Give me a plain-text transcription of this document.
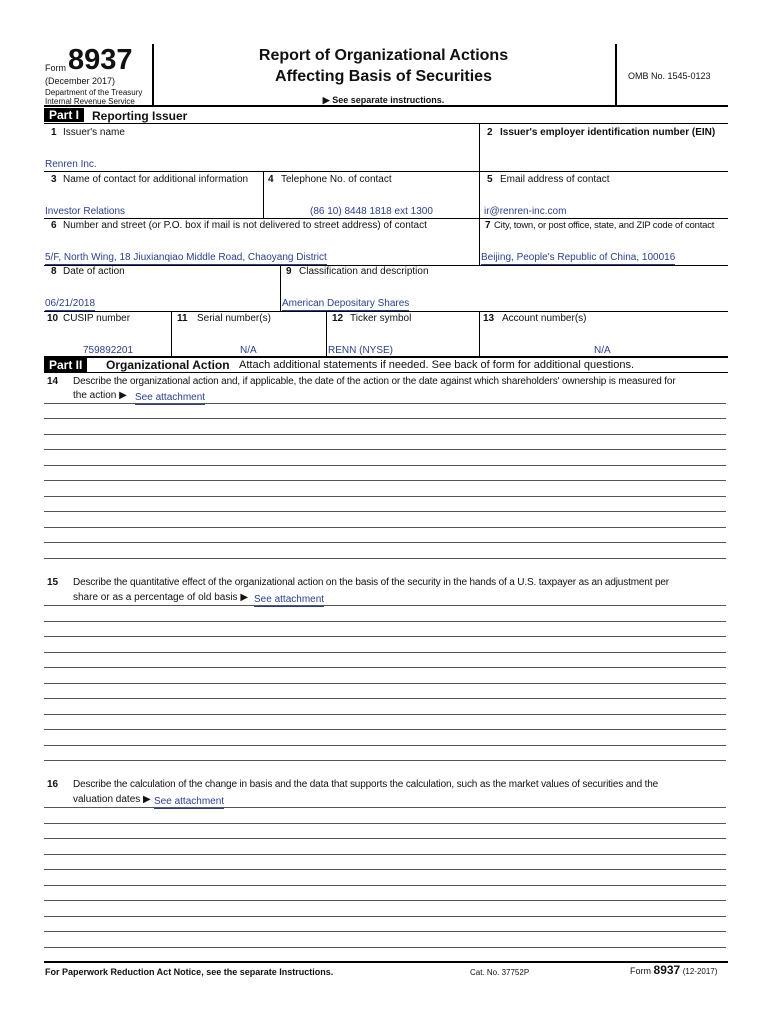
Form 8937
(December 2017)
Department of the Treasury
Internal Revenue Service
Report of Organizational Actions
Affecting Basis of Securities
▶ See separate instructions.
OMB No. 1545-0123
Part I	Reporting Issuer
1 Issuer's name
Renren Inc.
2 Issuer's employer identification number (EIN)
3 Name of contact for additional information
Investor Relations
4 Telephone No. of contact
(86 10) 8448 1818 ext 1300
5 Email address of contact
ir@renren-inc.com
6 Number and street (or P.O. box if mail is not delivered to street address) of contact
5/F, North Wing, 18 Jiuxianqiao Middle Road, Chaoyang District
7 City, town, or post office, state, and ZIP code of contact
Beijing, People's Republic of China, 100016
8 Date of action
06/21/2018
9 Classification and description
American Depositary Shares
10 CUSIP number
759892201
11 Serial number(s)
N/A
12 Ticker symbol
RENN (NYSE)
13 Account number(s)
N/A
Part II	Organizational Action Attach additional statements if needed. See back of form for additional questions.
14 Describe the organizational action and, if applicable, the date of the action or the date against which shareholders' ownership is measured for
the action ▶ See attachment
15 Describe the quantitative effect of the organizational action on the basis of the security in the hands of a U.S. taxpayer as an adjustment per
share or as a percentage of old basis ▶ See attachment
16 Describe the calculation of the change in basis and the data that supports the calculation, such as the market values of securities and the
valuation dates ▶ See attachment
For Paperwork Reduction Act Notice, see the separate Instructions.	Cat. No. 37752P	Form 8937 (12-2017)
